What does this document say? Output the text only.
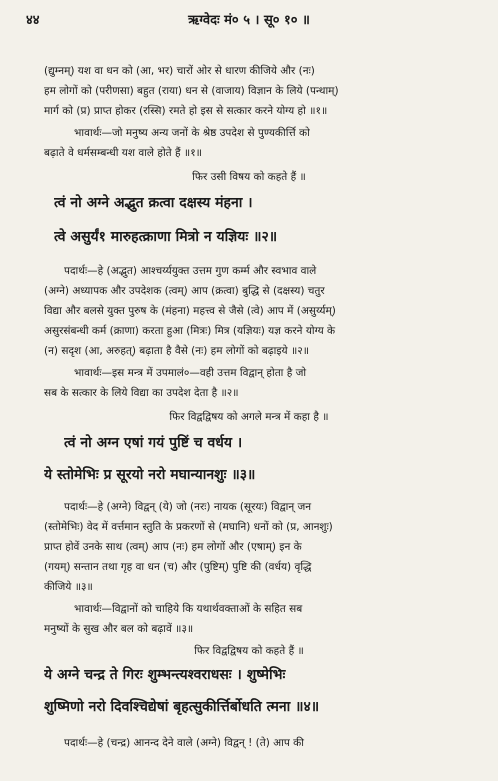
४४	ऋग्वेदः मं० ५ । सू० १० ॥
(द्युम्नम्) यश वा धन को (आ, भर) चारों ओर से धारण कीजिये और (नः)
हम लोगों को (परीणसा) बहुत (राया) धन से (वाजाय) विज्ञान के लिये (पन्थाम्)
मार्ग को (प्र) प्राप्त होकर (रस्सि) रमते हो इस से सत्कार करने योग्य हो ॥१॥
भावार्थः—जो मनुष्य अन्य जनों के श्रेष्ठ उपदेश से पुण्यकीर्त्ति को
बढ़ाते वे धर्मसम्बन्धी यश वाले होते हैं ॥१॥
फिर उसी विषय को कहते हैं ॥
त्वं नो अग्ने अद्भुत क्रत्वा दक्षस्य मंहना ।
त्वे असुर्यं१ मारुहत्क्राणा मित्रो न यज्ञियः ॥२॥
पदार्थः—हे (अद्भुत) आश्चर्य्ययुक्त उत्तम गुण कर्म्म और स्वभाव वाले
(अग्ने) अध्यापक और उपदेशक (त्वम्) आप (क्रत्वा) बुद्धि से (दक्षस्य) चतुर
विद्या और बलसे युक्त पुरुष के (मंहना) महत्त्व से जैसे (त्वे) आप में (असुर्य्यम्)
असुरसंबन्धी कर्म (क्राणा) करता हुआ (मित्रः) मित्र (यज्ञियः) यज्ञ करने योग्य के
(न) सदृश (आ, अरुहत्) बढ़ाता है वैसे (नः) हम लोगों को बढ़ाइये ॥२॥
भावार्थः—इस मन्त्र में उपमालं०—वही उत्तम विद्वान् होता है जो
सब के सत्कार के लिये विद्या का उपदेश देता है ॥२॥
फिर विद्वद्विषय को अगले मन्त्र में कहा है ॥
त्वं नो अग्न एषां गयं पुष्टिं च वर्धय ।
ये स्तोमेभिः प्र सूरयो नरो मघान्यानशुः ॥३॥
पदार्थः—हे (अग्ने) विद्वन् (ये) जो (नरः) नायक (सूरयः) विद्वान् जन
(स्तोमेभिः) वेद में वर्त्तमान स्तुति के प्रकरणों से (मघानि) धनों को (प्र, आनशुः)
प्राप्त होवें उनके साथ (त्वम्) आप (नः) हम लोगों और (एषाम्) इन के
(गयम्) सन्तान तथा गृह वा धन (च) और (पुष्टिम्) पुष्टि की (वर्धय) वृद्धि
कीजिये ॥३॥
भावार्थः—विद्वानों को चाहिये कि यथार्थवक्ताओं के सहित सब
मनुष्यों के सुख और बल को बढ़ावें ॥३॥
फिर विद्वद्विषय को कहते हैं ॥
ये अग्ने चन्द्र ते गिरः शुम्भन्त्यश्वराधसः । शुष्मेभिः
शुष्मिणो नरो दिवश्चिद्येषां बृहत्सुकीर्त्तिर्बोधति त्मना ॥४॥
पदार्थः—हे (चन्द्र) आनन्द देने वाले (अग्ने) विद्वन् ! (ते) आप की
